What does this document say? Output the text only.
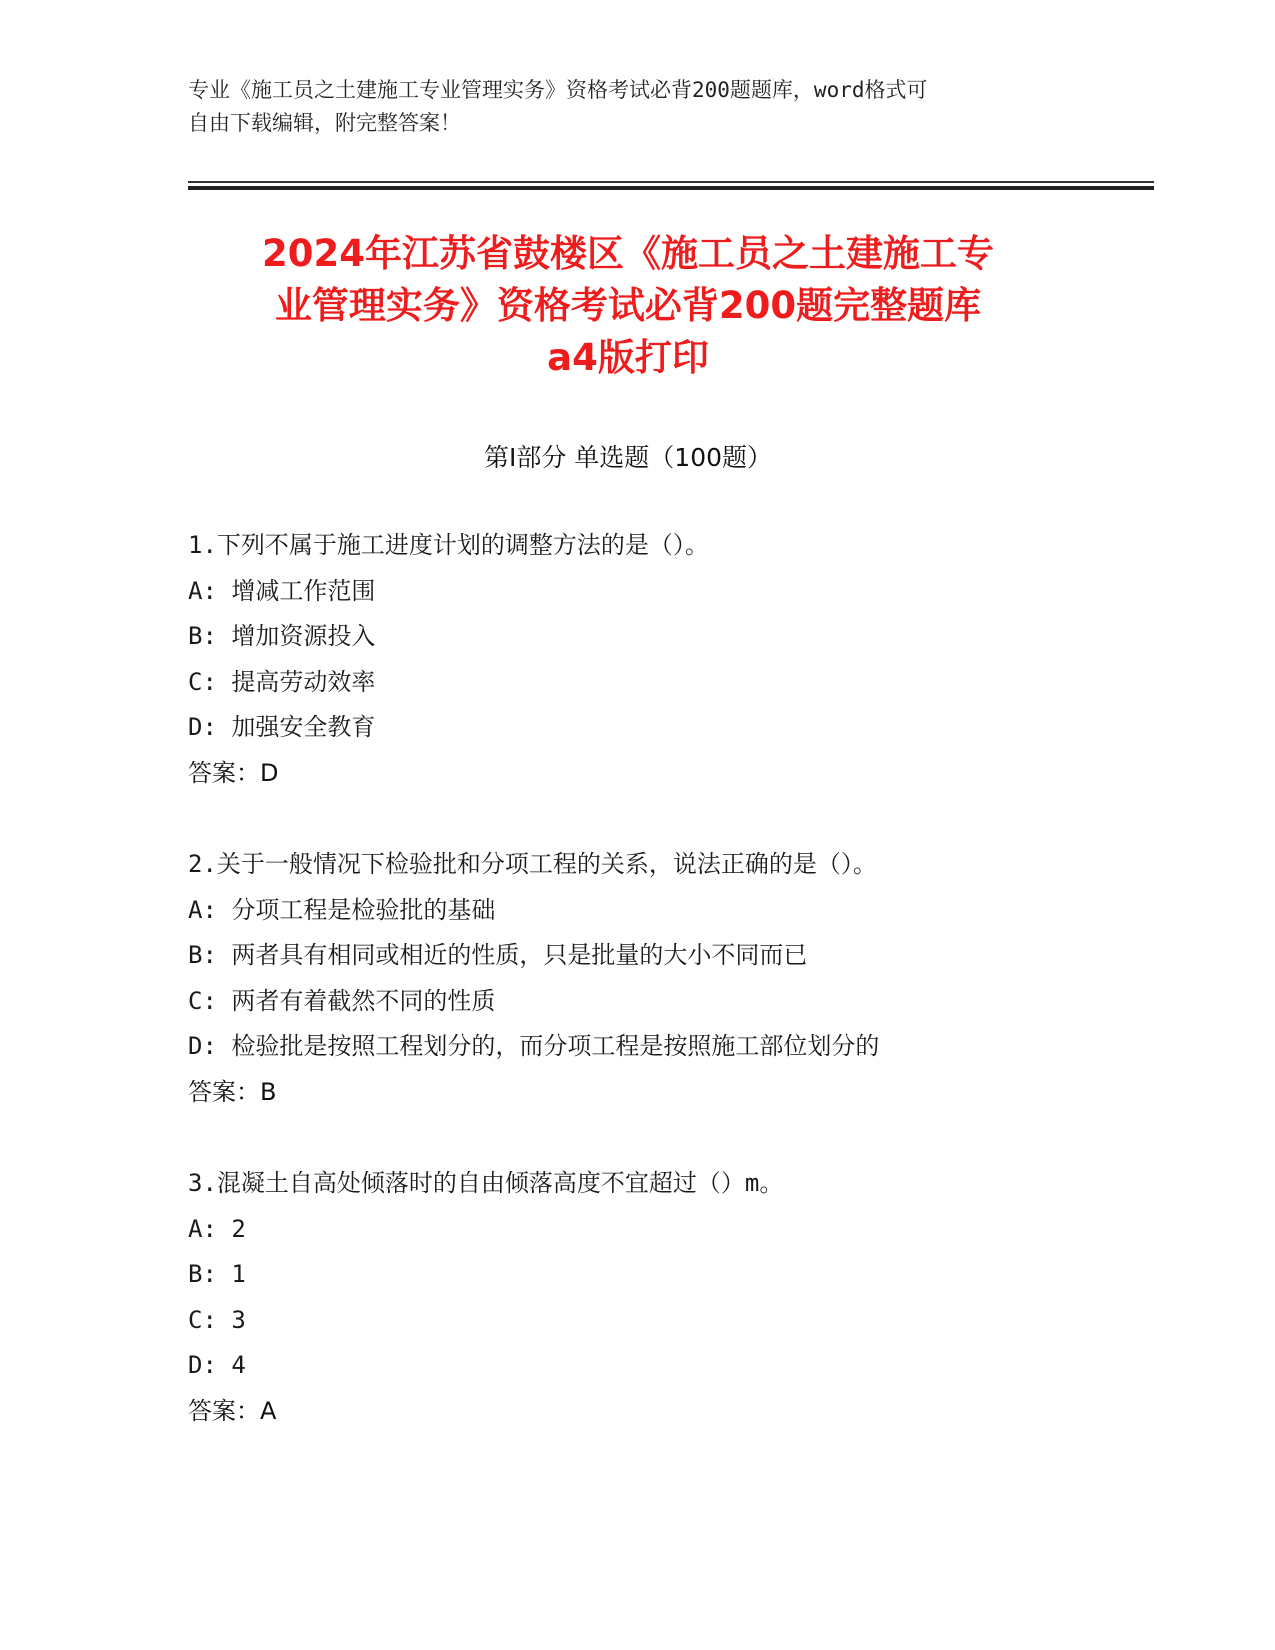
专业《施工员之土建施工专业管理实务》资格考试必背200题题库，word格式可
自由下载编辑，附完整答案！
2024年江苏省鼓楼区《施工员之土建施工专
业管理实务》资格考试必背200题完整题库
a4版打印
第Ⅰ部分 单选题（100题）
1.下列不属于施工进度计划的调整方法的是（）。
A: 增减工作范围
B: 增加资源投入
C: 提高劳动效率
D: 加强安全教育
答案：D
2.关于一般情况下检验批和分项工程的关系，说法正确的是（）。
A: 分项工程是检验批的基础
B: 两者具有相同或相近的性质，只是批量的大小不同而已
C: 两者有着截然不同的性质
D: 检验批是按照工程划分的，而分项工程是按照施工部位划分的
答案：B
3.混凝土自高处倾落时的自由倾落高度不宜超过（）m。
A: 2
B: 1
C: 3
D: 4
答案：A
